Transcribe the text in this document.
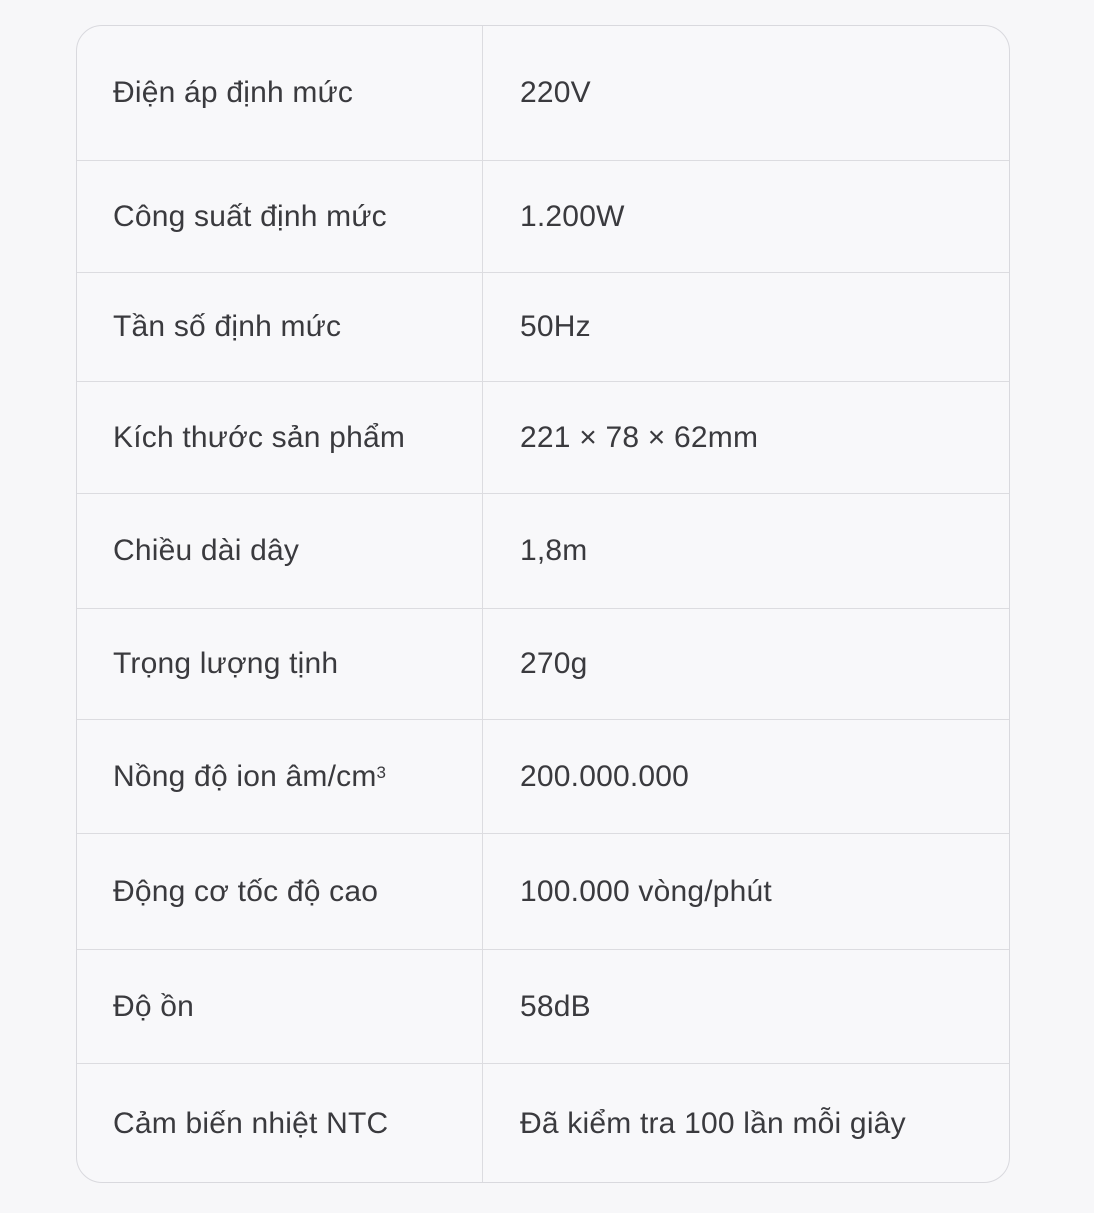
Điện áp định mức	220V
Công suất định mức	1.200W
Tần số định mức	50Hz
Kích thước sản phẩm	221 × 78 × 62mm
Chiều dài dây	1,8m
Trọng lượng tịnh	270g
Nồng độ ion $âm/cm^3$	200.000.000
Động cơ tốc độ cao	100.000 vòng/phút
Độ ồn	58dB
Cảm biến nhiệt NTC	Đã kiểm tra 100 lần mỗi giây
